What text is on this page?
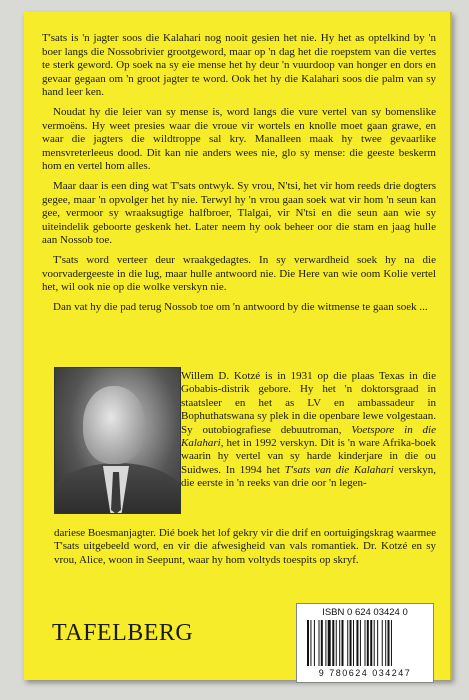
T'sats is 'n jagter soos die Kalahari nog nooit gesien het nie. Hy het as optelkind by 'n boer langs die Nossobrivier grootgeword, maar op 'n dag het die roepstem van die vertes te sterk geword. Op soek na sy eie mense het hy deur 'n vuurdoop van honger en dors en gevaar gegaan om 'n groot jagter te word. Ook het hy die Kalahari soos die palm van sy hand leer ken.

Noudat hy die leier van sy mense is, word langs die vure vertel van sy bomenslike vermoëns. Hy weet presies waar die vroue vir wortels en knolle moet gaan grawe, en waar die jagters die wildtroppe sal kry. Manalleen maak hy twee gevaarlike mensvreterleeus dood. Dit kan nie anders wees nie, glo sy mense: die geeste beskerm hom en vertel hom alles.

Maar daar is een ding wat T'sats ontwyk. Sy vrou, N'tsi, het vir hom reeds drie dogters gegee, maar 'n opvolger het hy nie. Terwyl hy 'n vrou gaan soek wat vir hom 'n seun kan gee, vermoor sy wraaksugtige halfbroer, Tlalgai, vir N'tsi en die seun aan wie sy uiteindelik geboorte geskenk het. Later neem hy ook beheer oor die stam en jaag hulle aan Nossob toe.

T'sats word verteer deur wraakgedagtes. In sy verwardheid soek hy na die voorvadergeeste in die lug, maar hulle antwoord nie. Die Here van wie oom Kolie vertel het, wil ook nie op die wolke verskyn nie.

Dan vat hy die pad terug Nossob toe om 'n antwoord by die witmense te gaan soek ...

Willem D. Kotzé is in 1931 op die plaas Texas in die Gobabis-distrik gebore. Hy het 'n doktorsgraad in staatsleer en het as LV en ambassadeur in Bophuthatswana sy plek in die openbare lewe volgestaan. Sy outobiografiese debuutroman, Voetspore in die Kalahari, het in 1992 verskyn. Dit is 'n ware Afrika-boek waarin hy vertel van sy harde kinderjare in die ou Suidwes. In 1994 het T'sats van die Kalahari verskyn, die eerste in 'n reeks van drie oor 'n legen-
dariese Boesmanjagter. Dié boek het lof gekry vir die drif en oortuigingskrag waarmee T'sats uitgebeeld word, en vir die afwesigheid van vals romantiek. Dr. Kotzé en sy vrou, Alice, woon in Seepunt, waar hy hom voltyds toespits op skryf.
TAFELBERG
ISBN 0 624 03424 0
9 780624 034247
